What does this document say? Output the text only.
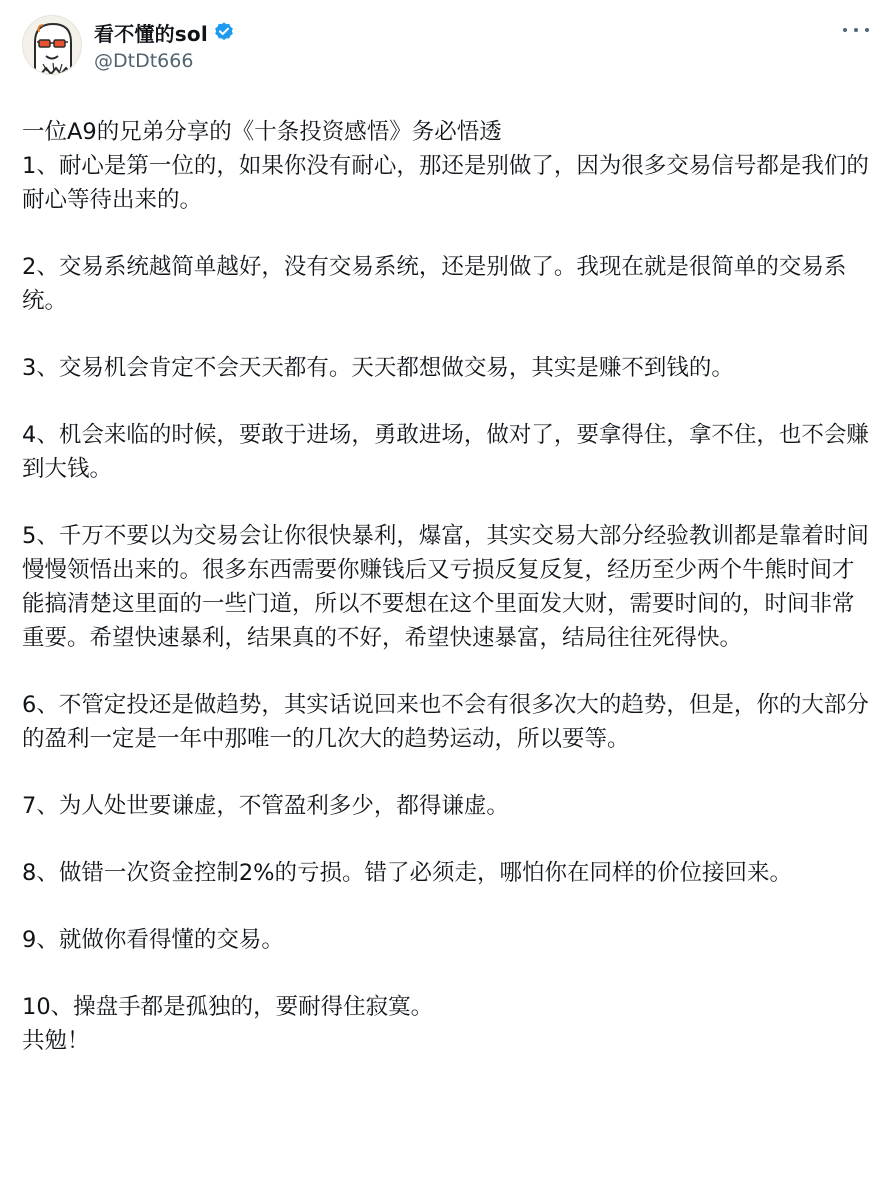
看不懂的sol
@DtDt666

一位A9的兄弟分享的《十条投资感悟》务必悟透

1、耐心是第一位的，如果你没有耐心，那还是别做了，因为很多交易信号都是我们的耐心等待出来的。

2、交易系统越简单越好，没有交易系统，还是别做了。我现在就是很简单的交易系统。

3、交易机会肯定不会天天都有。天天都想做交易，其实是赚不到钱的。

4、机会来临的时候，要敢于进场，勇敢进场，做对了，要拿得住，拿不住，也不会赚到大钱。

5、千万不要以为交易会让你很快暴利，爆富，其实交易大部分经验教训都是靠着时间慢慢领悟出来的。很多东西需要你赚钱后又亏损反复反复，经历至少两个牛熊时间才能搞清楚这里面的一些门道，所以不要想在这个里面发大财，需要时间的，时间非常重要。希望快速暴利，结果真的不好，希望快速暴富，结局往往死得快。

6、不管定投还是做趋势，其实话说回来也不会有很多次大的趋势，但是，你的大部分的盈利一定是一年中那唯一的几次大的趋势运动，所以要等。

7、为人处世要谦虚，不管盈利多少，都得谦虚。

8、做错一次资金控制2%的亏损。错了必须走，哪怕你在同样的价位接回来。

9、就做你看得懂的交易。

10、操盘手都是孤独的，要耐得住寂寞。

共勉！
